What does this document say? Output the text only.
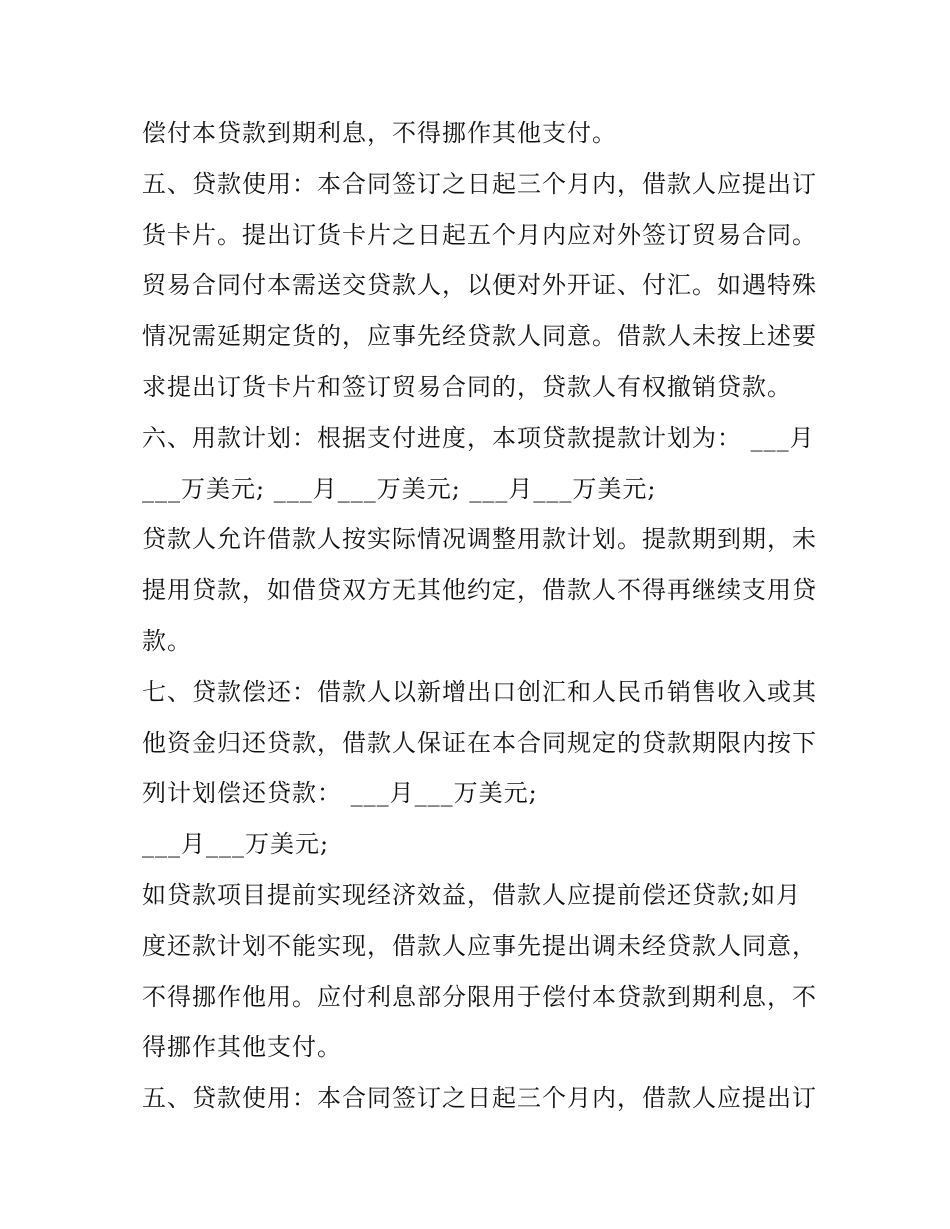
偿付本贷款到期利息，不得挪作其他支付。
五、贷款使用：本合同签订之日起三个月内，借款人应提出订
货卡片。提出订货卡片之日起五个月内应对外签订贸易合同。
贸易合同付本需送交贷款人，以便对外开证、付汇。如遇特殊
情况需延期定货的，应事先经贷款人同意。借款人未按上述要
求提出订货卡片和签订贸易合同的，贷款人有权撤销贷款。
六、用款计划：根据支付进度，本项贷款提款计划为： ___月
___万美元; ___月___万美元; ___月___万美元;
贷款人允许借款人按实际情况调整用款计划。提款期到期，未
提用贷款，如借贷双方无其他约定，借款人不得再继续支用贷
款。
七、贷款偿还：借款人以新增出口创汇和人民币销售收入或其
他资金归还贷款，借款人保证在本合同规定的贷款期限内按下
列计划偿还贷款： ___月___万美元;
___月___万美元;
如贷款项目提前实现经济效益，借款人应提前偿还贷款;如月
度还款计划不能实现，借款人应事先提出调未经贷款人同意，
不得挪作他用。应付利息部分限用于偿付本贷款到期利息，不
得挪作其他支付。
五、贷款使用：本合同签订之日起三个月内，借款人应提出订
